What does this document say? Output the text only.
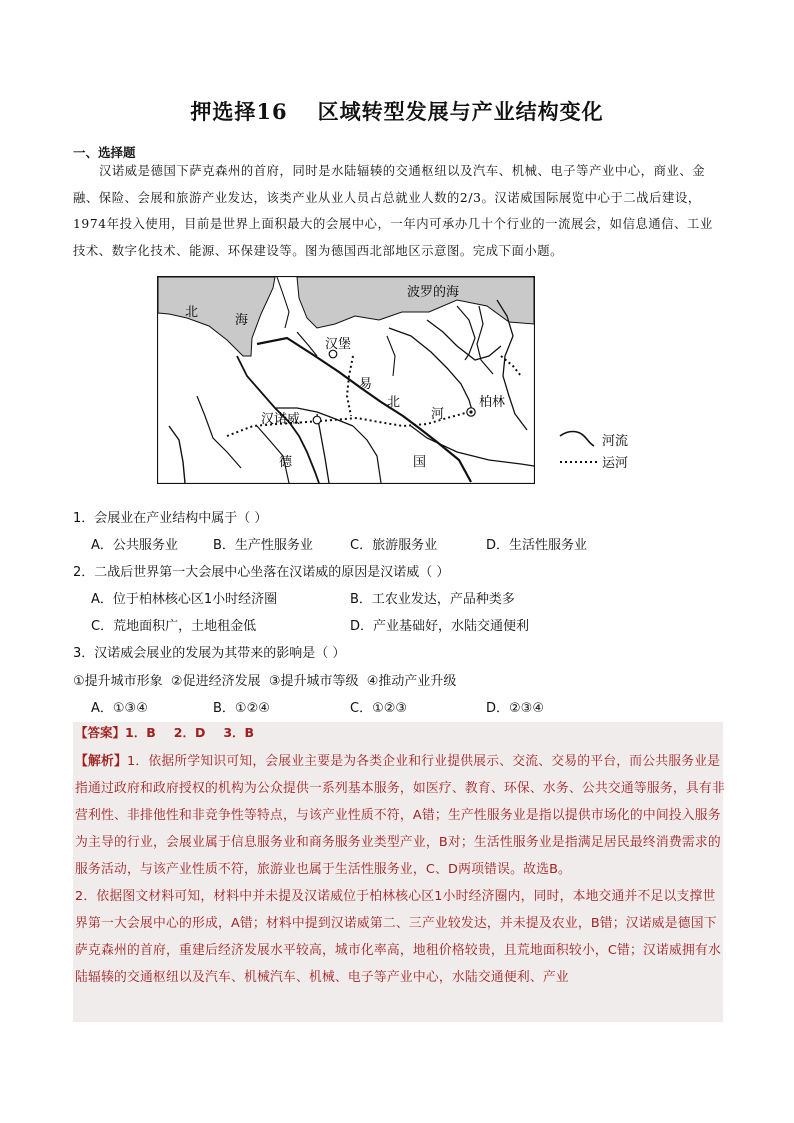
押选择16 区域转型发展与产业结构变化
一、选择题
汉诺威是德国下萨克森州的首府，同时是水陆辐辏的交通枢纽以及汽车、机械、电子等产业中心，商业、金融、保险、会展和旅游产业发达，该类产业从业人员占总就业人数的2/3。汉诺威国际展览中心于二战后建设，1974年投入使用，目前是世界上面积最大的会展中心，一年内可承办几十个行业的一流展会，如信息通信、工业技术、数字化技术、能源、环保建设等。图为德国西北部地区示意图。完成下面小题。
北
海
波罗的海
汉堡
柏林
汉诺威
易
北
河
德	国
河流
运河
1．会展业在产业结构中属于（ ）
A．公共服务业	B．生产性服务业	C．旅游服务业	D．生活性服务业
2．二战后世界第一大会展中心坐落在汉诺威的原因是汉诺威（ ）
A．位于柏林核心区1小时经济圈	B．工农业发达，产品种类多
C．荒地面积广，土地租金低	D．产业基础好，水陆交通便利
3．汉诺威会展业的发展为其带来的影响是（ ）
①提升城市形象  ②促进经济发展  ③提升城市等级  ④推动产业升级
A．①③④	B．①②④	C．①②③	D．②③④
【答案】1．B 2．D 3．B

【解析】1．依据所学知识可知，会展业主要是为各类企业和行业提供展示、交流、交易的平台，而公共服务业是指通过政府和政府授权的机构为公众提供一系列基本服务，如医疗、教育、环保、水务、公共交通等服务，具有非营利性、非排他性和非竞争性等特点，与该产业性质不符，A错；生产性服务业是指以提供市场化的中间投入服务为主导的行业，会展业属于信息服务业和商务服务业类型产业，B对；生活性服务业是指满足居民最终消费需求的服务活动，与该产业性质不符，旅游业也属于生活性服务业，C、D两项错误。故选B。

2．依据图文材料可知，材料中并未提及汉诺威位于柏林核心区1小时经济圈内，同时，本地交通并不足以支撑世界第一大会展中心的形成，A错；材料中提到汉诺威第二、三产业较发达，并未提及农业，B错；汉诺威是德国下萨克森州的首府，重建后经济发展水平较高，城市化率高，地租价格较贵，且荒地面积较小，C错；汉诺威拥有水陆辐辏的交通枢纽以及汽车、机械汽车、机械、电子等产业中心，水陆交通便利、产业
